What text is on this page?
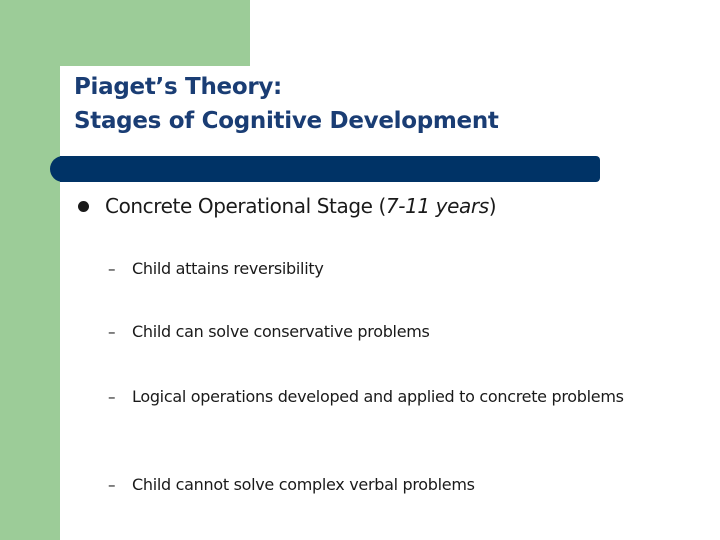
Piaget’s Theory:
Stages of Cognitive Development
Concrete Operational Stage (7-11 years)
–	Child attains reversibility
–	Child can solve conservative problems
–	Logical operations developed and applied to concrete problems
–	Child cannot solve complex verbal problems
